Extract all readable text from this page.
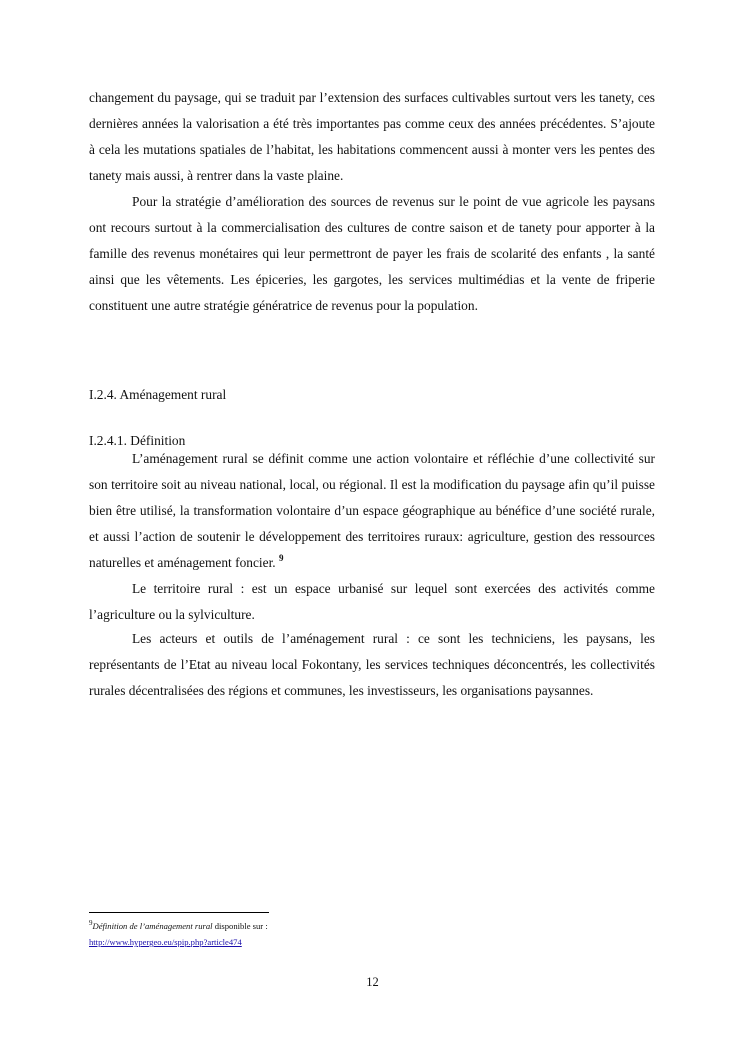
changement du paysage, qui se traduit par l’extension des surfaces cultivables surtout vers les tanety, ces dernières années la valorisation a été très importantes pas comme ceux des années précédentes. S’ajoute à cela les mutations spatiales de l’habitat, les habitations commencent aussi à monter vers les pentes des tanety mais aussi, à rentrer dans la vaste plaine.

Pour la stratégie d’amélioration des sources de revenus sur le point de vue agricole les paysans ont recours surtout à la commercialisation des cultures de contre saison et de tanety pour apporter à la famille des revenus monétaires qui leur permettront de payer les frais de scolarité des enfants , la santé ainsi que les vêtements. Les épiceries, les gargotes, les services multimédias et la vente de friperie constituent une autre stratégie génératrice de revenus pour la population.

I.2.4. Aménagement rural

I.2.4.1. Définition

L’aménagement rural se définit comme une action volontaire et réfléchie d’une collectivité sur son territoire soit au niveau national, local, ou régional. Il est la modification du paysage afin qu’il puisse bien être utilisé, la transformation volontaire d’un espace géographique au bénéfice d’une société rurale, et aussi l’action de soutenir le développement des territoires ruraux: agriculture, gestion des ressources naturelles et aménagement foncier. $^9$

Le territoire rural : est un espace urbanisé sur lequel sont exercées des activités comme l’agriculture ou la sylviculture.

Les acteurs et outils de l’aménagement rural : ce sont les techniciens, les paysans, les représentants de l’Etat au niveau local Fokontany, les services techniques déconcentrés, les collectivités rurales décentralisées des régions et communes, les investisseurs, les organisations paysannes.

$^9$Définition de l’aménagement rural disponible sur :

http://www.hypergeo.eu/spip.php?article474

12
